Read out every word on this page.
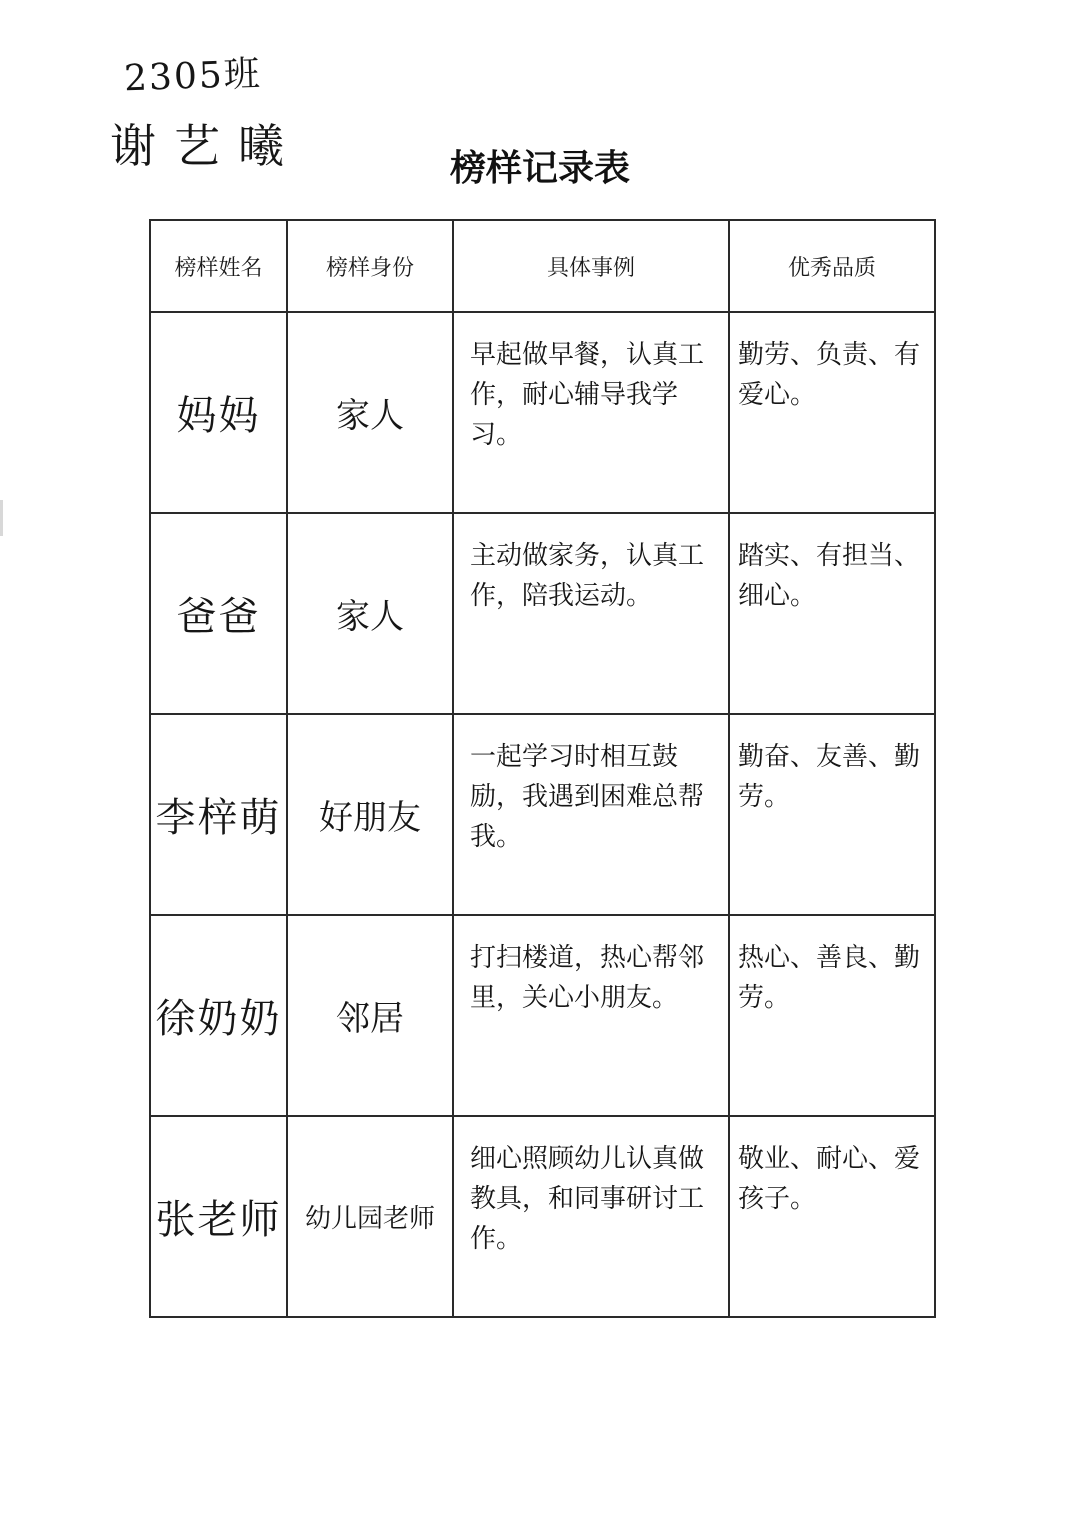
2305班
谢艺曦	榜样记录表
榜样姓名	榜样身份	具体事例	优秀品质
妈妈	家人	早起做早餐，认真工作，耐心辅导我学习。	勤劳、负责、有爱心。

爸爸	家人	主动做家务，认真工作，陪我运动。	踏实、有担当、细心。

李梓萌	好朋友	一起学习时相互鼓励，我遇到困难总帮我。	勤奋、友善、勤劳。

徐奶奶	邻居	打扫楼道，热心帮邻里，关心小朋友。	热心、善良、勤劳。

张老师	幼儿园老师	细心照顾幼儿认真做教具，和同事研讨工作。	敬业、耐心、爱孩子。
